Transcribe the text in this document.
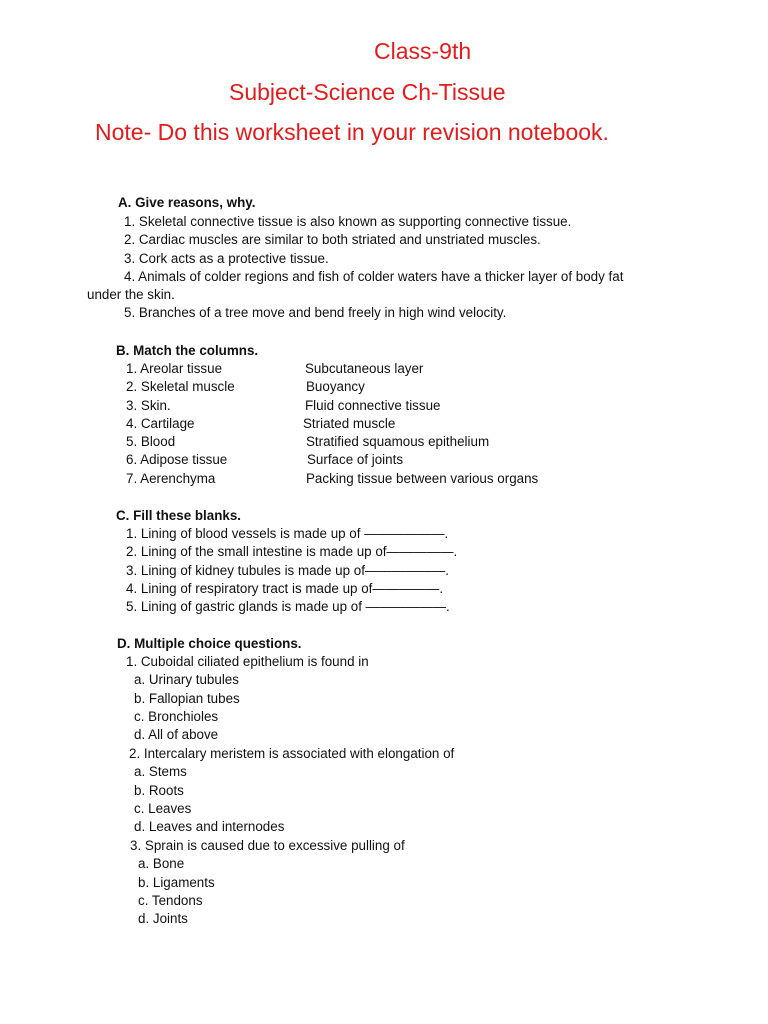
Class-9th
Subject-Science Ch-Tissue
Note- Do this worksheet in your revision notebook.
A. Give reasons, why.
1. Skeletal connective tissue is also known as supporting connective tissue.
2. Cardiac muscles are similar to both striated and unstriated muscles.
3. Cork acts as a protective tissue.
4. Animals of colder regions and fish of colder waters have a thicker layer of body fat
under the skin.
5. Branches of a tree move and bend freely in high wind velocity.
B. Match the columns.
1. Areolar tissue	Subcutaneous layer
2. Skeletal muscle	Buoyancy
3. Skin.	Fluid connective tissue
4. Cartilage	Striated muscle
5. Blood	Stratified squamous epithelium
6. Adipose tissue	Surface of joints
7. Aerenchyma	Packing tissue between various organs
C. Fill these blanks.
1. Lining of blood vessels is made up of ——————.
2. Lining of the small intestine is made up of—————.
3. Lining of kidney tubules is made up of——————.
4. Lining of respiratory tract is made up of—————.
5. Lining of gastric glands is made up of ——————.
D. Multiple choice questions.
1. Cuboidal ciliated epithelium is found in
a. Urinary tubules
b. Fallopian tubes
c. Bronchioles
d. All of above
2. Intercalary meristem is associated with elongation of
a. Stems
b. Roots
c. Leaves
d. Leaves and internodes
3. Sprain is caused due to excessive pulling of
a. Bone
b. Ligaments
c. Tendons
d. Joints
